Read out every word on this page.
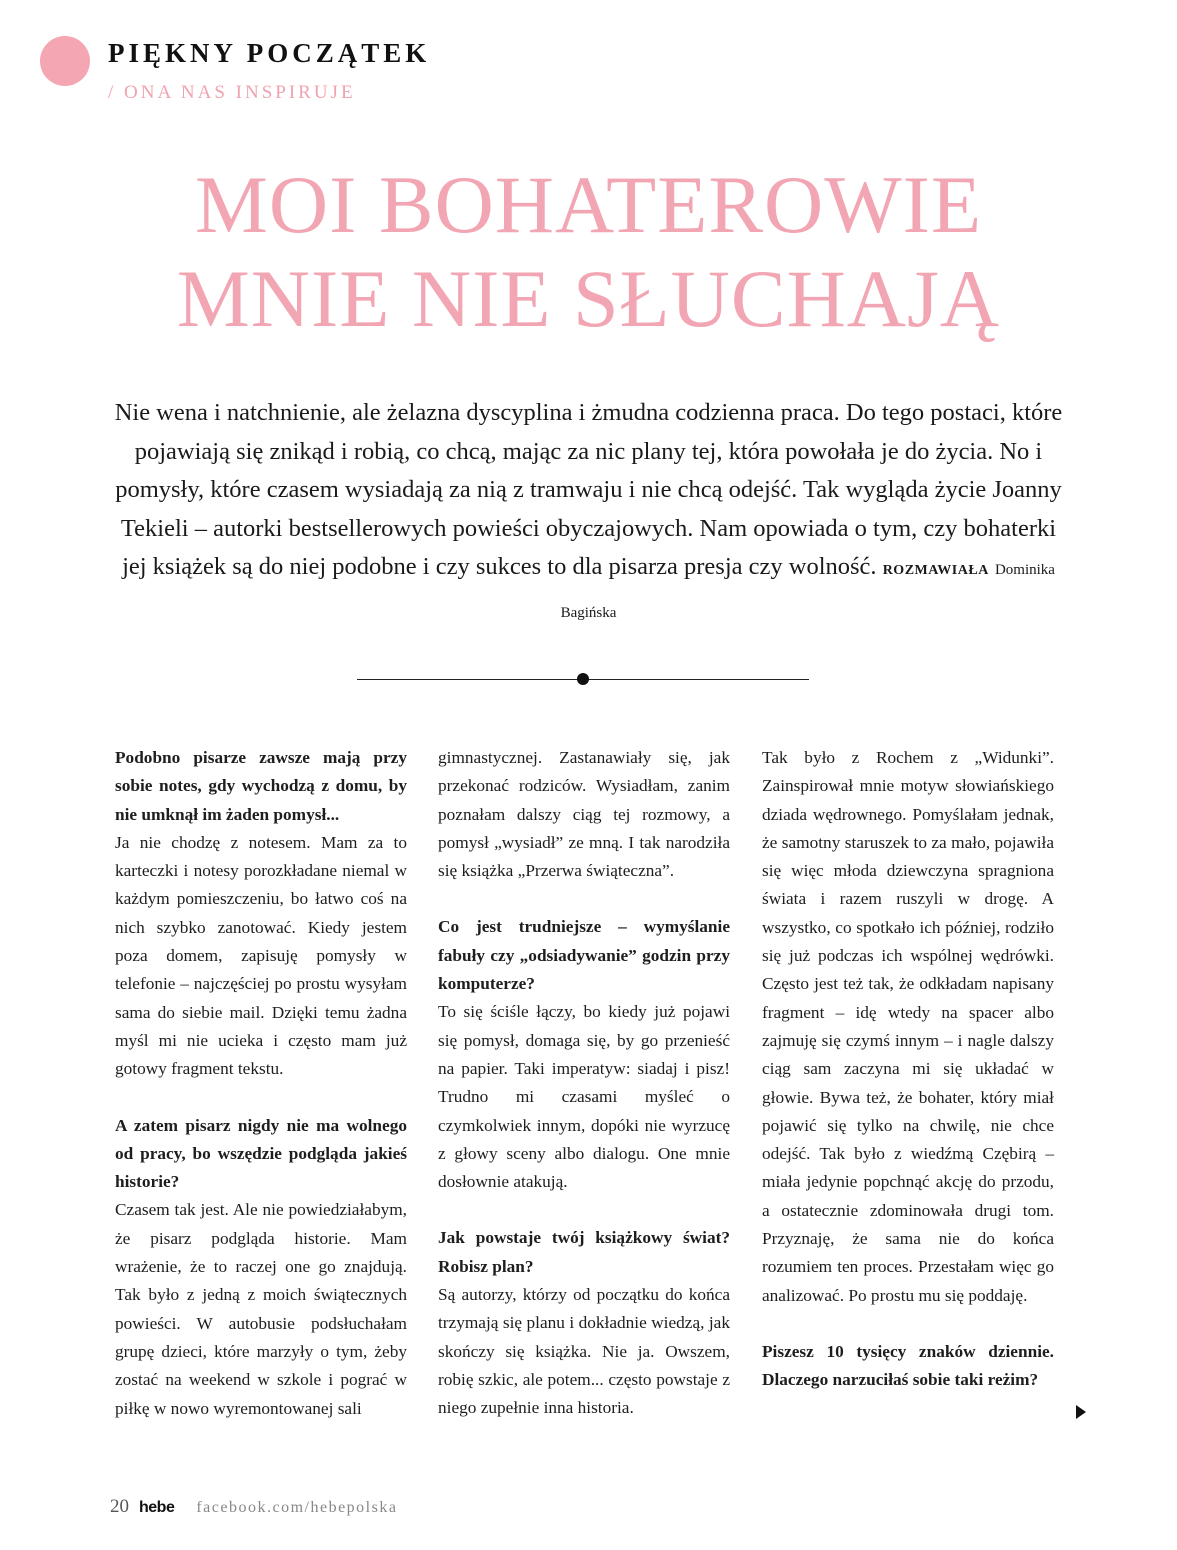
PIĘKNY POCZĄTEK
/ ONA NAS INSPIRUJE
MOI BOHATEROWIE
MNIE NIE SŁUCHAJĄ
Nie wena i natchnienie, ale żelazna dyscyplina i żmudna codzienna praca. Do tego postaci, które pojawiają się znikąd i robią, co chcą, mając za nic plany tej, która powołała je do życia. No i pomysły, które czasem wysiadają za nią z tramwaju i nie chcą odejść. Tak wygląda życie Joanny Tekieli – autorki bestsellerowych powieści obyczajowych. Nam opowiada o tym, czy bohaterki jej książek są do niej podobne i czy sukces to dla pisarza presja czy wolność. ROZMAWIAŁA Dominika Bagińska

Podobno pisarze zawsze mają przy sobie notes, gdy wychodzą z domu, by nie umknął im żaden pomysł...

Ja nie chodzę z notesem. Mam za to karteczki i notesy porozkładane niemal w każdym pomieszczeniu, bo łatwo coś na nich szybko zanotować. Kiedy jestem poza domem, zapisuję pomysły w telefonie – najczęściej po prostu wysyłam sama do siebie mail. Dzięki temu żadna myśl mi nie ucieka i często mam już gotowy fragment tekstu.

A zatem pisarz nigdy nie ma wolnego od pracy, bo wszędzie podgląda jakieś historie?

Czasem tak jest. Ale nie powiedziałabym, że pisarz podgląda historie. Mam wrażenie, że to raczej one go znajdują. Tak było z jedną z moich świątecznych powieści. W autobusie podsłuchałam grupę dzieci, które marzyły o tym, żeby zostać na weekend w szkole i pograć w piłkę w nowo wyremontowanej sali

gimnastycznej. Zastanawiały się, jak przekonać rodziców. Wysiadłam, zanim poznałam dalszy ciąg tej rozmowy, a pomysł „wysiadł” ze mną. I tak narodziła się książka „Przerwa świąteczna”.

Co jest trudniejsze – wymyślanie fabuły czy „odsiadywanie” godzin przy komputerze?

To się ściśle łączy, bo kiedy już pojawi się pomysł, domaga się, by go przenieść na papier. Taki imperatyw: siadaj i pisz! Trudno mi czasami myśleć o czymkolwiek innym, dopóki nie wyrzucę z głowy sceny albo dialogu. One mnie dosłownie atakują.

Jak powstaje twój książkowy świat? Robisz plan?

Są autorzy, którzy od początku do końca trzymają się planu i dokładnie wiedzą, jak skończy się książka. Nie ja. Owszem, robię szkic, ale potem... często powstaje z niego zupełnie inna historia.

Tak było z Rochem z „Widunki”. Zainspirował mnie motyw słowiańskiego dziada wędrownego. Pomyślałam jednak, że samotny staruszek to za mało, pojawiła się więc młoda dziewczyna spragniona świata i razem ruszyli w drogę. A wszystko, co spotkało ich później, rodziło się już podczas ich wspólnej wędrówki. Często jest też tak, że odkładam napisany fragment – idę wtedy na spacer albo zajmuję się czymś innym – i nagle dalszy ciąg sam zaczyna mi się układać w głowie. Bywa też, że bohater, który miał pojawić się tylko na chwilę, nie chce odejść. Tak było z wiedźmą Czębirą – miała jedynie popchnąć akcję do przodu, a ostatecznie zdominowała drugi tom. Przyznaję, że sama nie do końca rozumiem ten proces. Przestałam więc go analizować. Po prostu mu się poddaję.

Piszesz 10 tysięcy znaków dziennie. Dlaczego narzuciłaś sobie taki reżim?

20 hebe facebook.com/hebepolska
